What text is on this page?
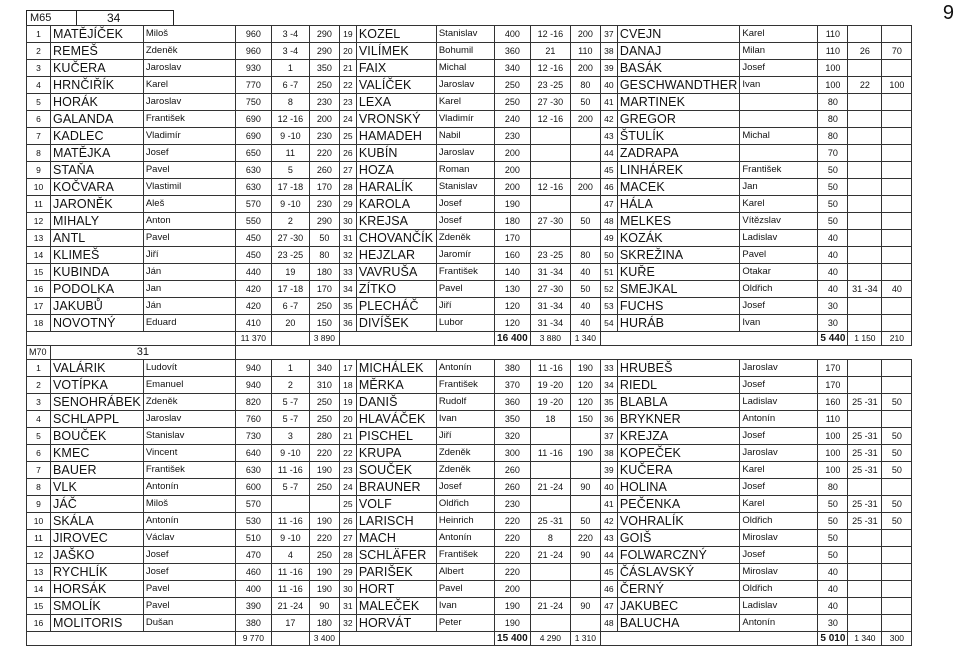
9
M65	34
1	MATĚJÍČEK	Miloš	960	3 -4	290	19	KOZEL	Stanislav	400	12 -16	200	37	CVEJN	Karel	110		
2	REMEŠ	Zdeněk	960	3 -4	290	20	VILÍMEK	Bohumil	360	21	110	38	DANAJ	Milan	110	26	70
3	KUČERA	Jaroslav	930	1	350	21	FAIX	Michal	340	12 -16	200	39	BASÁK	Josef	100		
4	HRNČIŘÍK	Karel	770	6 -7	250	22	VALÍČEK	Jaroslav	250	23 -25	80	40	GESCHWANDTHER	Ivan	100	22	100
5	HORÁK	Jaroslav	750	8	230	23	LEXA	Karel	250	27 -30	50	41	MARTINEK		80		
6	GALANDA	František	690	12 -16	200	24	VRONSKÝ	Vladimír	240	12 -16	200	42	GREGOR		80		
7	KADLEC	Vladimír	690	9 -10	230	25	HAMADEH	Nabil	230			43	ŠTULÍK	Michal	80		
8	MATĚJKA	Josef	650	11	220	26	KUBÍN	Jaroslav	200			44	ZADRAPA		70		
9	STAŇA	Pavel	630	5	260	27	HOZA	Roman	200			45	LINHÁREK	František	50		
10	KOČVARA	Vlastimil	630	17 -18	170	28	HARALÍK	Stanislav	200	12 -16	200	46	MACEK	Jan	50		
11	JARONĚK	Aleš	570	9 -10	230	29	KAROLA	Josef	190			47	HÁLA	Karel	50		
12	MIHALY	Anton	550	2	290	30	KREJSA	Josef	180	27 -30	50	48	MELKES	Vítězslav	50		
13	ANTL	Pavel	450	27 -30	50	31	CHOVANČÍK	Zdeněk	170			49	KOZÁK	Ladislav	40		
14	KLIMEŠ	Jiří	450	23 -25	80	32	HEJZLAR	Jaromír	160	23 -25	80	50	SKREŽINA	Pavel	40		
15	KUBINDA	Ján	440	19	180	33	VAVRUŠA	František	140	31 -34	40	51	KUŘE	Otakar	40		
16	PODOLKA	Jan	420	17 -18	170	34	ZÍTKO	Pavel	130	27 -30	50	52	SMEJKAL	Oldřich	40	31 -34	40
17	JAKUBŮ	Ján	420	6 -7	250	35	PLECHÁČ	Jiří	120	31 -34	40	53	FUCHS	Josef	30		
18	NOVOTNÝ	Eduard	410	20	150	36	DIVÍŠEK	Lubor	120	31 -34	40	54	HURÁB	Ivan	30		
			11 370		3 890				16 400	3 880	1 340				5 440	1 150	210
M70	31																
1	VALÁRIK	Ludovít	940	1	340	17	MICHÁLEK	Antonín	380	11 -16	190	33	HRUBEŠ	Jaroslav	170		
2	VOTÍPKA	Emanuel	940	2	310	18	MĚRKA	František	370	19 -20	120	34	RIEDL	Josef	170		
3	SENOHRÁBEK	Zdeněk	820	5 -7	250	19	DANIŠ	Rudolf	360	19 -20	120	35	BLABLA	Ladislav	160	25 -31	50
4	SCHLAPPL	Jaroslav	760	5 -7	250	20	HLAVÁČEK	Ivan	350	18	150	36	BRYKNER	Antonín	110		
5	BOUČEK	Stanislav	730	3	280	21	PISCHEL	Jiří	320			37	KREJZA	Josef	100	25 -31	50
6	KMEC	Vincent	640	9 -10	220	22	KRUPA	Zdeněk	300	11 -16	190	38	KOPEČEK	Jaroslav	100	25 -31	50
7	BAUER	František	630	11 -16	190	23	SOUČEK	Zdeněk	260			39	KUČERA	Karel	100	25 -31	50
8	VLK	Antonín	600	5 -7	250	24	BRAUNER	Josef	260	21 -24	90	40	HOLINA	Josef	80		
9	JÁČ	Miloš	570			25	VOLF	Oldřich	230			41	PEČENKA	Karel	50	25 -31	50
10	SKÁLA	Antonín	530	11 -16	190	26	LARISCH	Heinrich	220	25 -31	50	42	VOHRALÍK	Oldřich	50	25 -31	50
11	JIROVEC	Václav	510	9 -10	220	27	MACH	Antonín	220	8	220	43	GOIŠ	Miroslav	50		
12	JAŠKO	Josef	470	4	250	28	SCHLÄFER	František	220	21 -24	90	44	FOLWARCZNÝ	Josef	50		
13	RYCHLÍK	Josef	460	11 -16	190	29	PARIŠEK	Albert	220			45	ČÁSLAVSKÝ	Miroslav	40		
14	HORSÁK	Pavel	400	11 -16	190	30	HORT	Pavel	200			46	ČERNÝ	Oldřich	40		
15	SMOLÍK	Pavel	390	21 -24	90	31	MALEČEK	Ivan	190	21 -24	90	47	JAKUBEC	Ladislav	40		
16	MOLITORIS	Dušan	380	17	180	32	HORVÁT	Peter	190			48	BALUCHA	Antonín	30		
			9 770		3 400				15 400	4 290	1 310				5 010	1 340	300
